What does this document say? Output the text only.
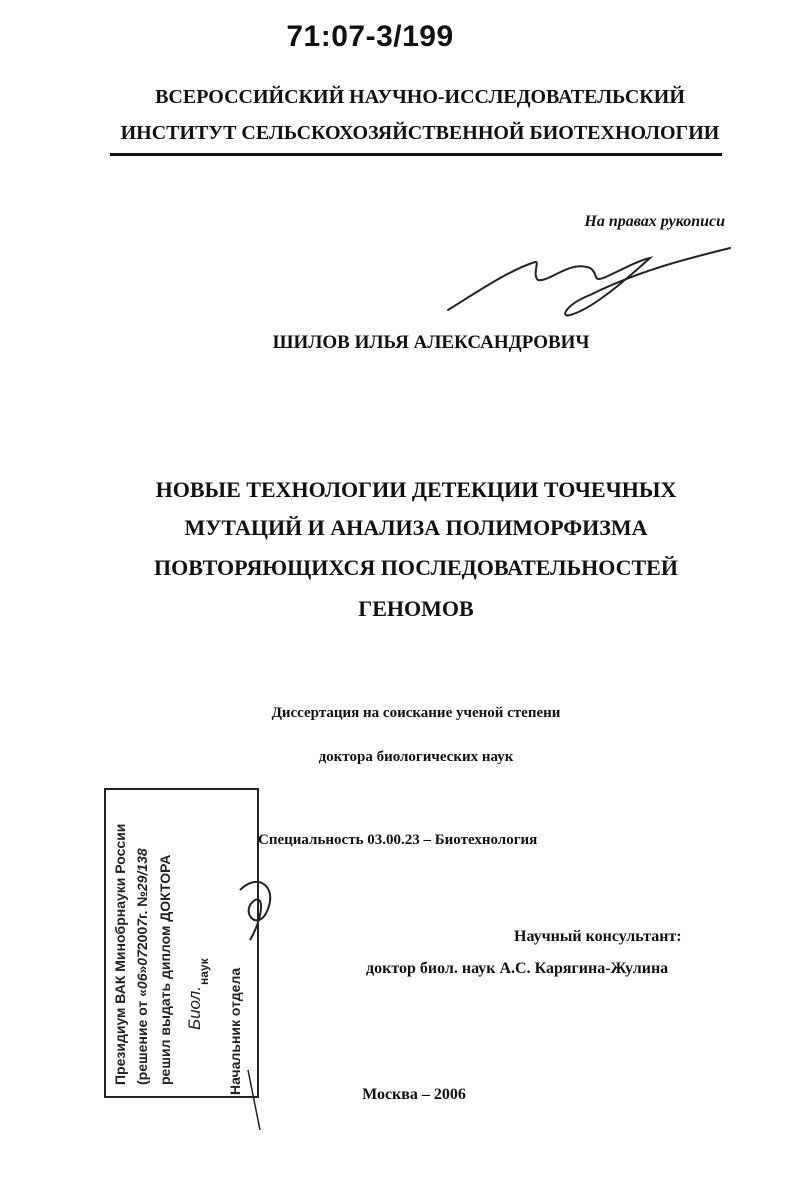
71:07-3/199
ВСЕРОССИЙСКИЙ НАУЧНО-ИССЛЕДОВАТЕЛЬСКИЙ
ИНСТИТУТ СЕЛЬСКОХОЗЯЙСТВЕННОЙ БИОТЕХНОЛОГИИ
На правах рукописи
ШИЛОВ ИЛЬЯ АЛЕКСАНДРОВИЧ
НОВЫЕ ТЕХНОЛОГИИ ДЕТЕКЦИИ ТОЧЕЧНЫХ
МУТАЦИЙ И АНАЛИЗА ПОЛИМОРФИЗМА
ПОВТОРЯЮЩИХСЯ ПОСЛЕДОВАТЕЛЬНОСТЕЙ
ГЕНОМОВ
Диссертация на соискание ученой степени
доктора биологических наук
Специальность 03.00.23 – Биотехнология
Научный консультант:
доктор биол. наук А.С. Карягина-Жулина
Москва – 2006
Президиум ВАК Минобрнауки России (решение от «06»072007г. №29/138 решил выдать диплом ДОКТОРА наук
Биол. Начальник отдела
